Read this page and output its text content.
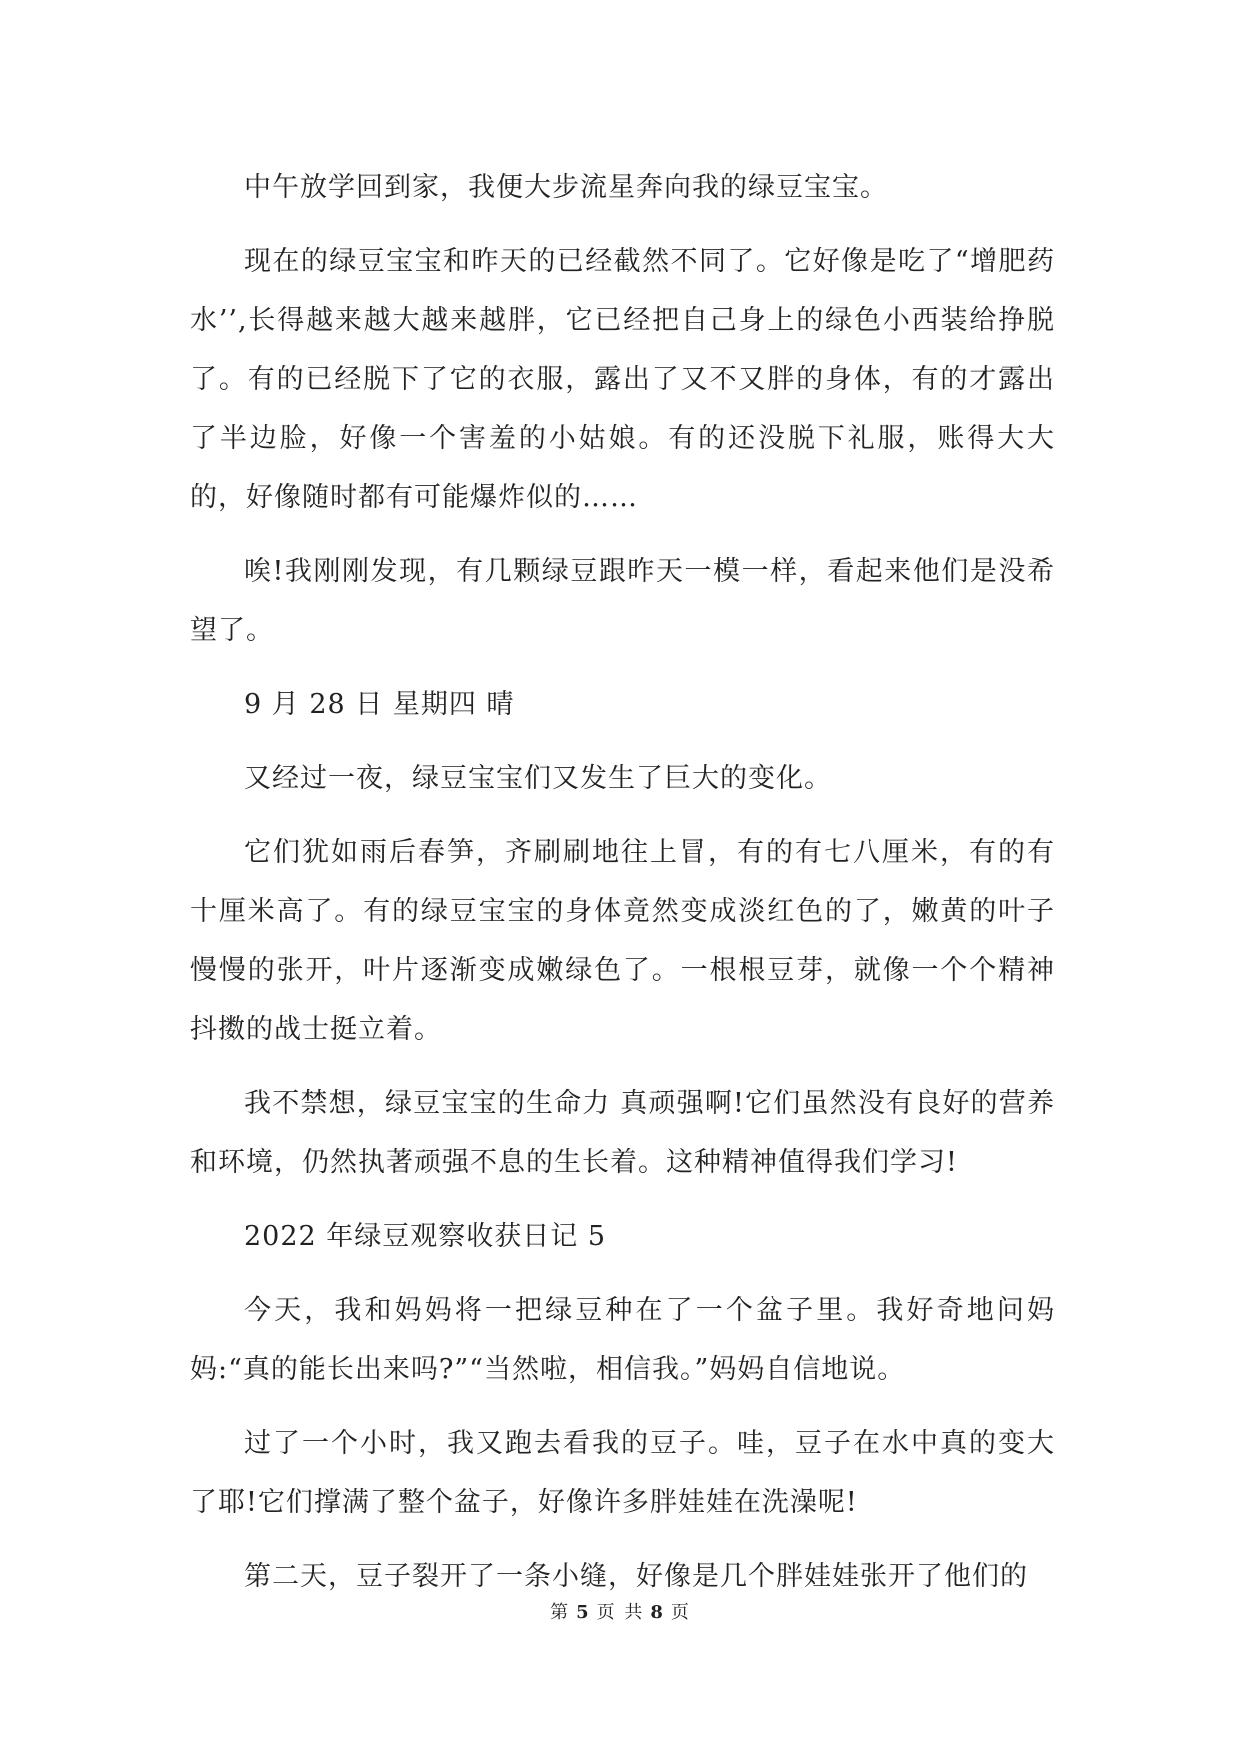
中午放学回到家，我便大步流星奔向我的绿豆宝宝。

现在的绿豆宝宝和昨天的已经截然不同了。它好像是吃了“增肥药水’’,长得越来越大越来越胖，它已经把自己身上的绿色小西装给挣脱了。有的已经脱下了它的衣服，露出了又不又胖的身体，有的才露出了半边脸，好像一个害羞的小姑娘。有的还没脱下礼服，账得大大的，好像随时都有可能爆炸似的……

唉!我刚刚发现，有几颗绿豆跟昨天一模一样，看起来他们是没希望了。

9 月 28 日 星期四 晴

又经过一夜，绿豆宝宝们又发生了巨大的变化。

它们犹如雨后春笋，齐刷刷地往上冒，有的有七八厘米，有的有十厘米高了。有的绿豆宝宝的身体竟然变成淡红色的了，嫩黄的叶子慢慢的张开，叶片逐渐变成嫩绿色了。一根根豆芽，就像一个个精神抖擞的战士挺立着。

我不禁想，绿豆宝宝的生命力 真顽强啊!它们虽然没有良好的营养和环境，仍然执著顽强不息的生长着。这种精神值得我们学习!

2022 年绿豆观察收获日记 5

今天，我和妈妈将一把绿豆种在了一个盆子里。我好奇地问妈妈:“真的能长出来吗?”“当然啦，相信我。”妈妈自信地说。

过了一个小时，我又跑去看我的豆子。哇，豆子在水中真的变大了耶!它们撑满了整个盆子，好像许多胖娃娃在洗澡呢!

第二天，豆子裂开了一条小缝，好像是几个胖娃娃张开了他们的

第 5 页 共 8 页
